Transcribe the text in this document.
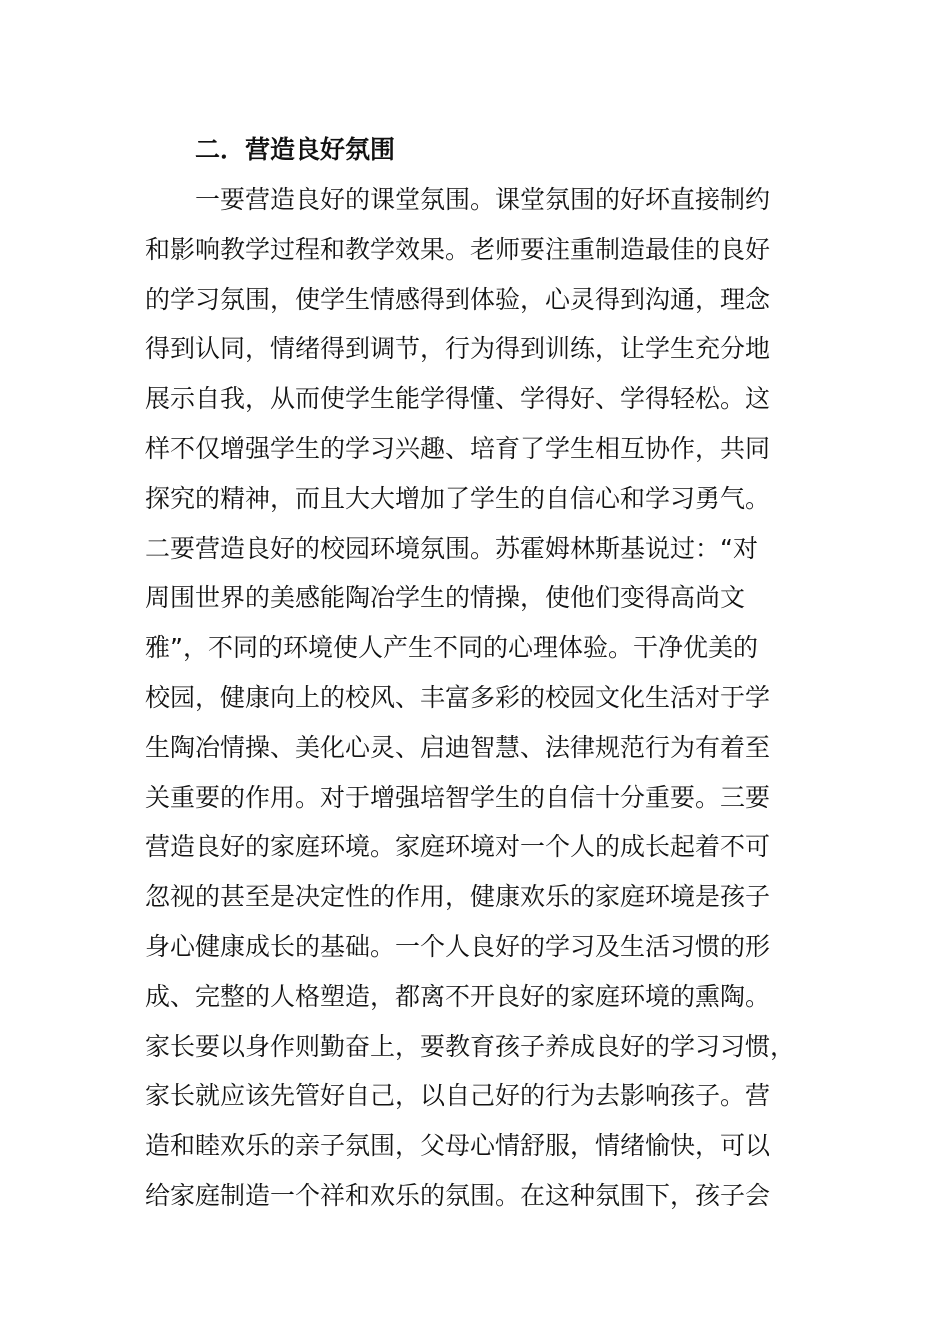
二．营造良好氛围
　　一要营造良好的课堂氛围。课堂氛围的好坏直接制约
和影响教学过程和教学效果。老师要注重制造最佳的良好
的学习氛围，使学生情感得到体验，心灵得到沟通，理念
得到认同，情绪得到调节，行为得到训练，让学生充分地
展示自我，从而使学生能学得懂、学得好、学得轻松。这
样不仅增强学生的学习兴趣、培育了学生相互协作，共同
探究的精神，而且大大增加了学生的自信心和学习勇气。
二要营造良好的校园环境氛围。苏霍姆林斯基说过：“对
周围世界的美感能陶冶学生的情操，使他们变得高尚文
雅”，不同的环境使人产生不同的心理体验。干净优美的
校园，健康向上的校风、丰富多彩的校园文化生活对于学
生陶冶情操、美化心灵、启迪智慧、法律规范行为有着至
关重要的作用。对于增强培智学生的自信十分重要。三要
营造良好的家庭环境。家庭环境对一个人的成长起着不可
忽视的甚至是决定性的作用，健康欢乐的家庭环境是孩子
身心健康成长的基础。一个人良好的学习及生活习惯的形
成、完整的人格塑造，都离不开良好的家庭环境的熏陶。
家长要以身作则勤奋上，要教育孩子养成良好的学习习惯，
家长就应该先管好自己，以自己好的行为去影响孩子。营
造和睦欢乐的亲子氛围，父母心情舒服，情绪愉快，可以
给家庭制造一个祥和欢乐的氛围。在这种氛围下，孩子会
